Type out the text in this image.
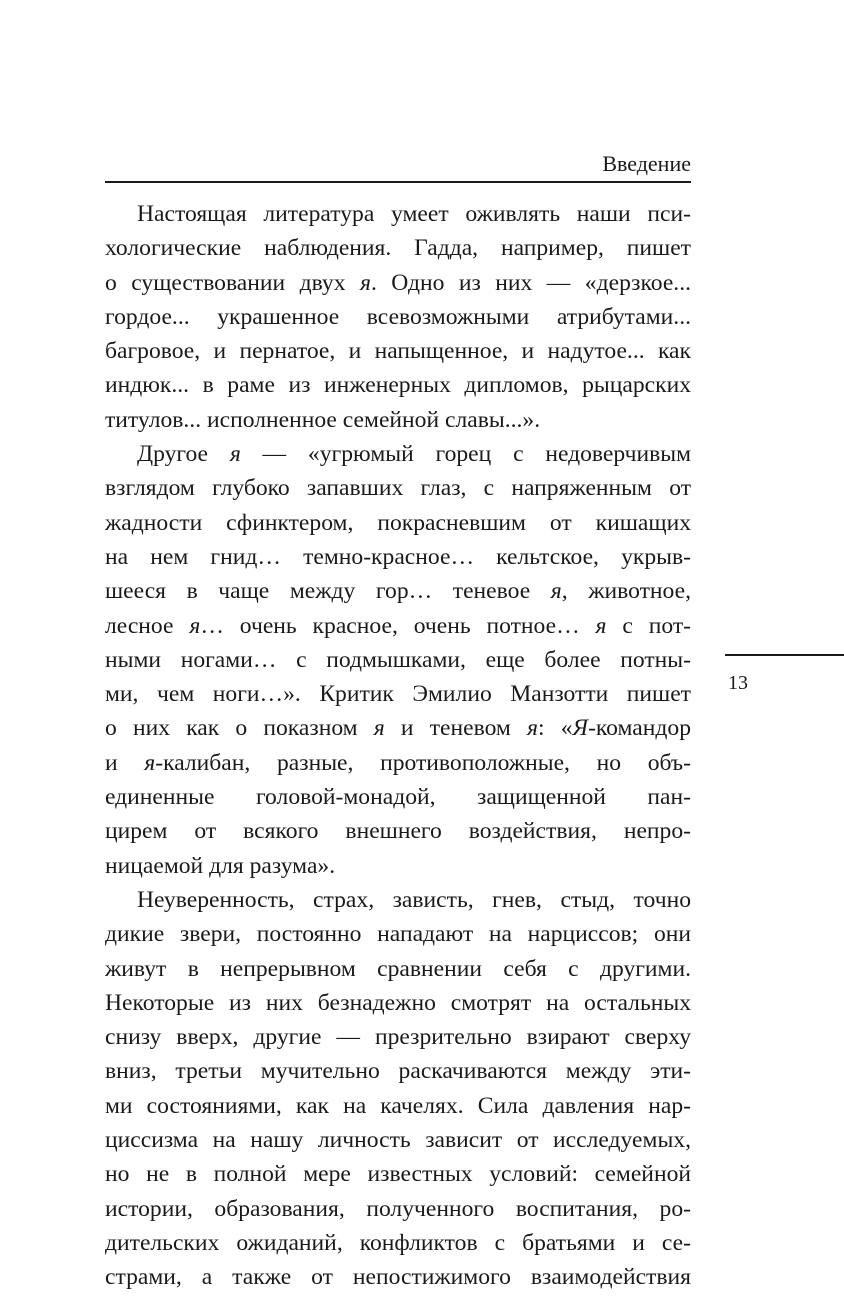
Введение
Настоящая литература умеет оживлять наши пси-
хологические наблюдения. Гадда, например, пишет
о существовании двух я. Одно из них — «дерзкое...
гордое... украшенное всевозможными атрибутами...
багровое, и пернатое, и напыщенное, и надутое... как
индюк... в раме из инженерных дипломов, рыцарских
титулов... исполненное семейной славы...».
Другое я — «угрюмый горец с недоверчивым
взглядом глубоко запавших глаз, с напряженным от
жадности сфинктером, покрасневшим от кишащих
на нем гнид… темно-красное… кельтское, укрыв-
шееся в чаще между гор… теневое я, животное,
лесное я… очень красное, очень потное… я с пот-
ными ногами… с подмышками, еще более потны-
ми, чем ноги…». Критик Эмилио Манзотти пишет
о них как о показном я и теневом я: «Я-командор
и я-калибан, разные, противоположные, но объ-
единенные головой-монадой, защищенной пан-
цирем от всякого внешнего воздействия, непро-
ницаемой для разума».
Неуверенность, страх, зависть, гнев, стыд, точно
дикие звери, постоянно нападают на нарциссов; они
живут в непрерывном сравнении себя с другими.
Некоторые из них безнадежно смотрят на остальных
снизу вверх, другие — презрительно взирают сверху
вниз, третьи мучительно раскачиваются между эти-
ми состояниями, как на качелях. Сила давления нар-
циссизма на нашу личность зависит от исследуемых,
но не в полной мере известных условий: семейной
истории, образования, полученного воспитания, ро-
дительских ожиданий, конфликтов с братьями и се-
страми, а также от непостижимого взаимодействия
13
